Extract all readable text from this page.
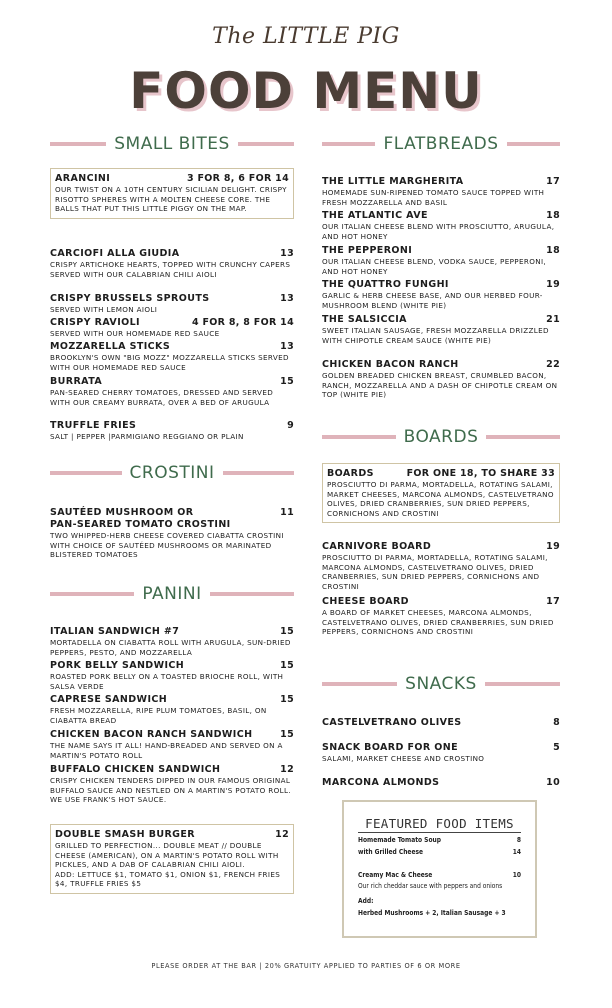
The LITTLE PIG
FOOD MENU
SMALL BITES
ARANCINI	3 FOR 8, 6 FOR 14
OUR TWIST ON A 10TH CENTURY SICILIAN DELIGHT. CRISPY RISOTTO SPHERES WITH A MOLTEN CHEESE CORE. THE BALLS THAT PUT THIS LITTLE PIGGY ON THE MAP.
CARCIOFI ALLA GIUDIA	13
CRISPY ARTICHOKE HEARTS, TOPPED WITH CRUNCHY CAPERS SERVED WITH OUR CALABRIAN CHILI AIOLI
CRISPY BRUSSELS SPROUTS	13
SERVED WITH LEMON AIOLI
CRISPY RAVIOLI	4 FOR 8, 8 FOR 14
SERVED WITH OUR HOMEMADE RED SAUCE
MOZZARELLA STICKS	13
BROOKLYN'S OWN "BIG MOZZ" MOZZARELLA STICKS SERVED WITH OUR HOMEMADE RED SAUCE
BURRATA	15
PAN-SEARED CHERRY TOMATOES, DRESSED AND SERVED WITH OUR CREAMY BURRATA, OVER A BED OF ARUGULA
TRUFFLE FRIES	9
SALT | PEPPER |PARMIGIANO REGGIANO OR PLAIN
CROSTINI
SAUTÉED MUSHROOM OR	11
PAN-SEARED TOMATO CROSTINI
TWO WHIPPED-HERB CHEESE COVERED CIABATTA CROSTINI WITH CHOICE OF SAUTÉED MUSHROOMS OR MARINATED BLISTERED TOMATOES
PANINI
ITALIAN SANDWICH #7	15
MORTADELLA ON CIABATTA ROLL WITH ARUGULA, SUN-DRIED PEPPERS, PESTO, AND MOZZARELLA
PORK BELLY SANDWICH	15
ROASTED PORK BELLY ON A TOASTED BRIOCHE ROLL, WITH SALSA VERDE
CAPRESE SANDWICH	15
FRESH MOZZARELLA, RIPE PLUM TOMATOES, BASIL, ON CIABATTA BREAD
CHICKEN BACON RANCH SANDWICH	15
THE NAME SAYS IT ALL! HAND-BREADED AND SERVED ON A MARTIN'S POTATO ROLL
BUFFALO CHICKEN SANDWICH	12
CRISPY CHICKEN TENDERS DIPPED IN OUR FAMOUS ORIGINAL BUFFALO SAUCE AND NESTLED ON A MARTIN'S POTATO ROLL. WE USE FRANK'S HOT SAUCE.
DOUBLE SMASH BURGER	12
GRILLED TO PERFECTION... DOUBLE MEAT // DOUBLE CHEESE (AMERICAN), ON A MARTIN'S POTATO ROLL WITH PICKLES, AND A DAB OF CALABRIAN CHILI AIOLI.
ADD: LETTUCE $1, TOMATO $1, ONION $1, FRENCH FRIES $4, TRUFFLE FRIES $5
FLATBREADS
THE LITTLE MARGHERITA	17
HOMEMADE SUN-RIPENED TOMATO SAUCE TOPPED WITH FRESH MOZZARELLA AND BASIL
THE ATLANTIC AVE	18
OUR ITALIAN CHEESE BLEND WITH PROSCIUTTO, ARUGULA, AND HOT HONEY
THE PEPPERONI	18
OUR ITALIAN CHEESE BLEND, VODKA SAUCE, PEPPERONI, AND HOT HONEY
THE QUATTRO FUNGHI	19
GARLIC & HERB CHEESE BASE, AND OUR HERBED FOUR-MUSHROOM BLEND (WHITE PIE)
THE SALSICCIA	21
SWEET ITALIAN SAUSAGE, FRESH MOZZARELLA DRIZZLED WITH CHIPOTLE CREAM SAUCE (WHITE PIE)
CHICKEN BACON RANCH	22
GOLDEN BREADED CHICKEN BREAST, CRUMBLED BACON, RANCH, MOZZARELLA AND A DASH OF CHIPOTLE CREAM ON TOP (WHITE PIE)
BOARDS
BOARDS	FOR ONE 18, TO SHARE 33
PROSCIUTTO DI PARMA, MORTADELLA, ROTATING SALAMI, MARKET CHEESES, MARCONA ALMONDS, CASTELVETRANO OLIVES, DRIED CRANBERRIES, SUN DRIED PEPPERS, CORNICHONS AND CROSTINI
CARNIVORE BOARD	19
PROSCIUTTO DI PARMA, MORTADELLA, ROTATING SALAMI, MARCONA ALMONDS, CASTELVETRANO OLIVES, DRIED CRANBERRIES, SUN DRIED PEPPERS, CORNICHONS AND CROSTINI
CHEESE BOARD	17
A BOARD OF MARKET CHEESES, MARCONA ALMONDS, CASTELVETRANO OLIVES, DRIED CRANBERRIES, SUN DRIED PEPPERS, CORNICHONS AND CROSTINI
SNACKS
CASTELVETRANO OLIVES	8
SNACK BOARD FOR ONE	5
SALAMI, MARKET CHEESE AND CROSTINO
MARCONA ALMONDS	10
FEATURED FOOD ITEMS
Homemade Tomato Soup	8
with Grilled Cheese	14
Creamy Mac & Cheese	10
Our rich cheddar sauce with peppers and onions
Add:
Herbed Mushrooms + 2, Italian Sausage + 3
PLEASE ORDER AT THE BAR | 20% GRATUITY APPLIED TO PARTIES OF 6 OR MORE
